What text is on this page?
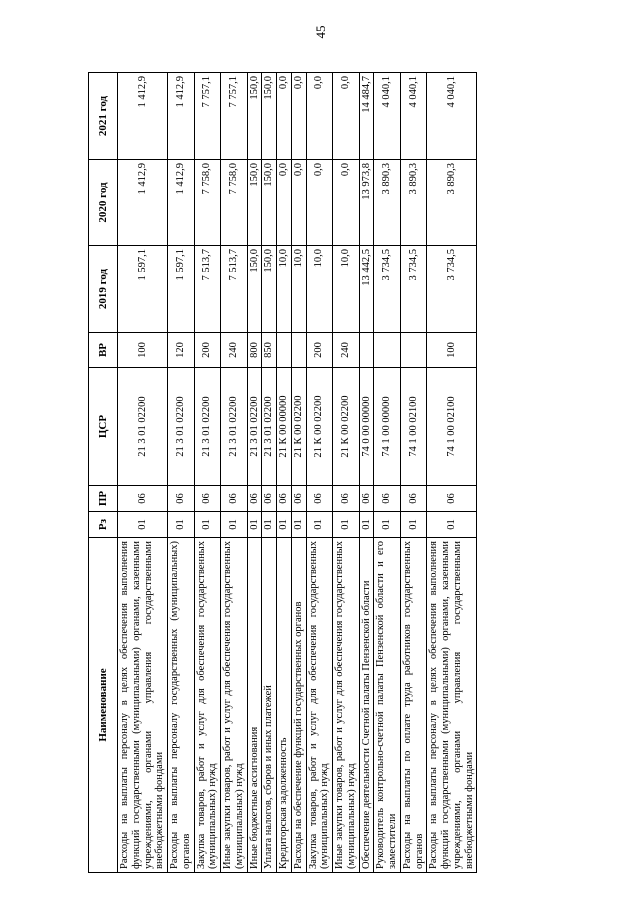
45
Наименование	Рз	ПР	ЦСР	ВР	2019 год	2020 год	2021 год
Расходы на выплаты персоналу в целях обеспечения выполнения функций государственными (муниципальными) органами, казенными учреждениями, органами управления государственными внебюджетными фондами	01	06	21 3 01 02200	100	1 597,1	1 412,9	1 412,9
Расходы на выплаты персоналу государственных (муниципальных) органов	01	06	21 3 01 02200	120	1 597,1	1 412,9	1 412,9
Закупка товаров, работ и услуг для обеспечения государственных (муниципальных) нужд	01	06	21 3 01 02200	200	7 513,7	7 758,0	7 757,1
Иные закупки товаров, работ и услуг для обеспечения государственных (муниципальных) нужд	01	06	21 3 01 02200	240	7 513,7	7 758,0	7 757,1
Иные бюджетные ассигнования	01	06	21 3 01 02200	800	150,0	150,0	150,0
Уплата налогов, сборов и иных платежей	01	06	21 3 01 02200	850	150,0	150,0	150,0
Кредиторская задолженность	01	06	21 К 00 00000		10,0	0,0	0,0
Расходы на обеспечение функций государственных органов	01	06	21 К 00 02200		10,0	0,0	0,0
Закупка товаров, работ и услуг для обеспечения государственных (муниципальных) нужд	01	06	21 К 00 02200	200	10,0	0,0	0,0
Иные закупки товаров, работ и услуг для обеспечения государственных (муниципальных) нужд	01	06	21 К 00 02200	240	10,0	0,0	0,0
Обеспечение деятельности Счетной палаты Пензенской области	01	06	74 0 00 00000		13 442,5	13 973,8	14 484,7
Руководитель контрольно-счетной палаты Пензенской области и его заместители	01	06	74 1 00 00000		3 734,5	3 890,3	4 040,1
Расходы на выплаты по оплате труда работников государственных органов	01	06	74 1 00 02100		3 734,5	3 890,3	4 040,1
Расходы на выплаты персоналу в целях обеспечения выполнения функций государственными (муниципальными) органами, казенными учреждениями, органами управления государственными внебюджетными фондами	01	06	74 1 00 02100	100	3 734,5	3 890,3	4 040,1
